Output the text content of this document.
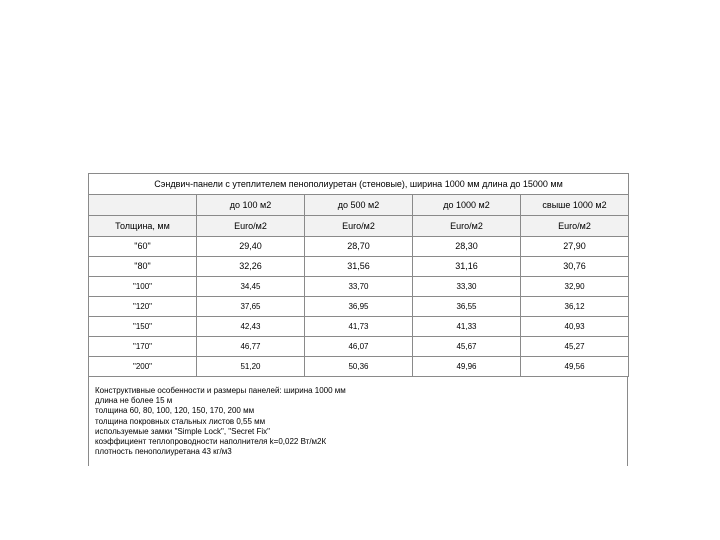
Сэндвич-панели с утеплителем пенополиуретан (стеновые), ширина 1000 мм длина до 15000 мм				
	до 100 м2	до 500 м2	до 1000 м2	свыше 1000 м2
Толщина, мм	Euro/м2	Euro/м2	Euro/м2	Euro/м2
"60"	29,40	28,70	28,30	27,90
"80"	32,26	31,56	31,16	30,76
"100"	34,45	33,70	33,30	32,90
"120"	37,65	36,95	36,55	36,12
"150"	42,43	41,73	41,33	40,93
"170"	46,77	46,07	45,67	45,27
"200"	51,20	50,36	49,96	49,56
Конструктивные особенности и размеры панелей: ширина 1000 мм
длина не более 15 м
толщина 60, 80, 100, 120, 150, 170, 200 мм
толщина покровных стальных листов 0,55 мм
используемые замки "Simple Lock", "Secret Fix"
коэффициент теплопроводности наполнителя k=0,022 Вт/м2К
плотность пенополиуретана 43 кг/м3
